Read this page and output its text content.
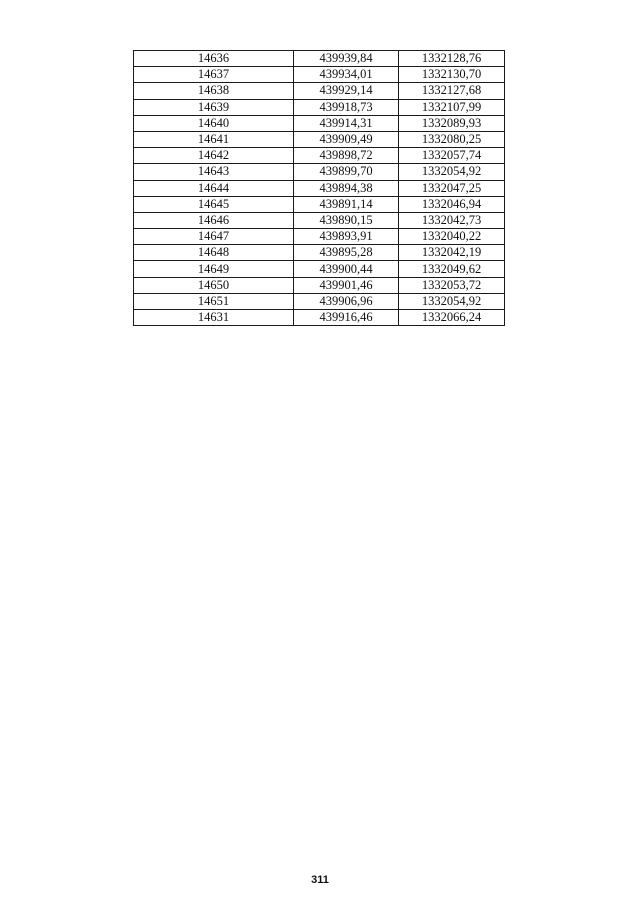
14636	439939,84	1332128,76
14637	439934,01	1332130,70
14638	439929,14	1332127,68
14639	439918,73	1332107,99
14640	439914,31	1332089,93
14641	439909,49	1332080,25
14642	439898,72	1332057,74
14643	439899,70	1332054,92
14644	439894,38	1332047,25
14645	439891,14	1332046,94
14646	439890,15	1332042,73
14647	439893,91	1332040,22
14648	439895,28	1332042,19
14649	439900,44	1332049,62
14650	439901,46	1332053,72
14651	439906,96	1332054,92
14631	439916,46	1332066,24
311
